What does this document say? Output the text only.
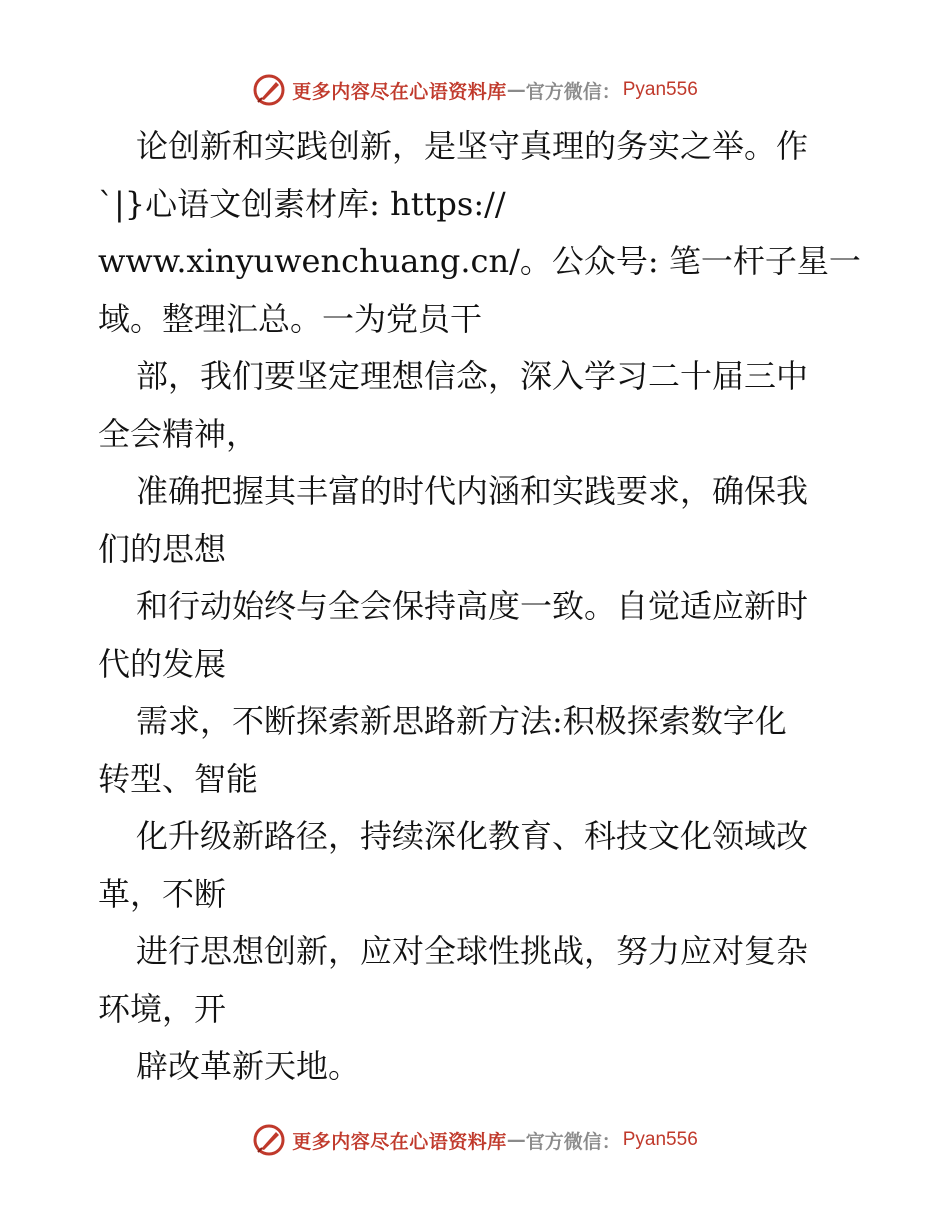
更多内容尽在心语资料库 — 官方微信： Pyan556
论创新和实践创新，是坚守真理的务实之举。作
`|}心语文创素材库: https://
www.xinyuwenchuang.cn/。公众号: 笔一杆子星一
域。整理汇总。一为党员干
部，我们要坚定理想信念，深入学习二十届三中
全会精神，
准确把握其丰富的时代内涵和实践要求，确保我
们的思想
和行动始终与全会保持高度一致。自觉适应新时
代的发展
需求，不断探索新思路新方法:积极探索数字化
转型、智能
化升级新路径，持续深化教育、科技文化领域改
革，不断
进行思想创新，应对全球性挑战，努力应对复杂
环境，开
辟改革新天地。
更多内容尽在心语资料库 — 官方微信： Pyan556
